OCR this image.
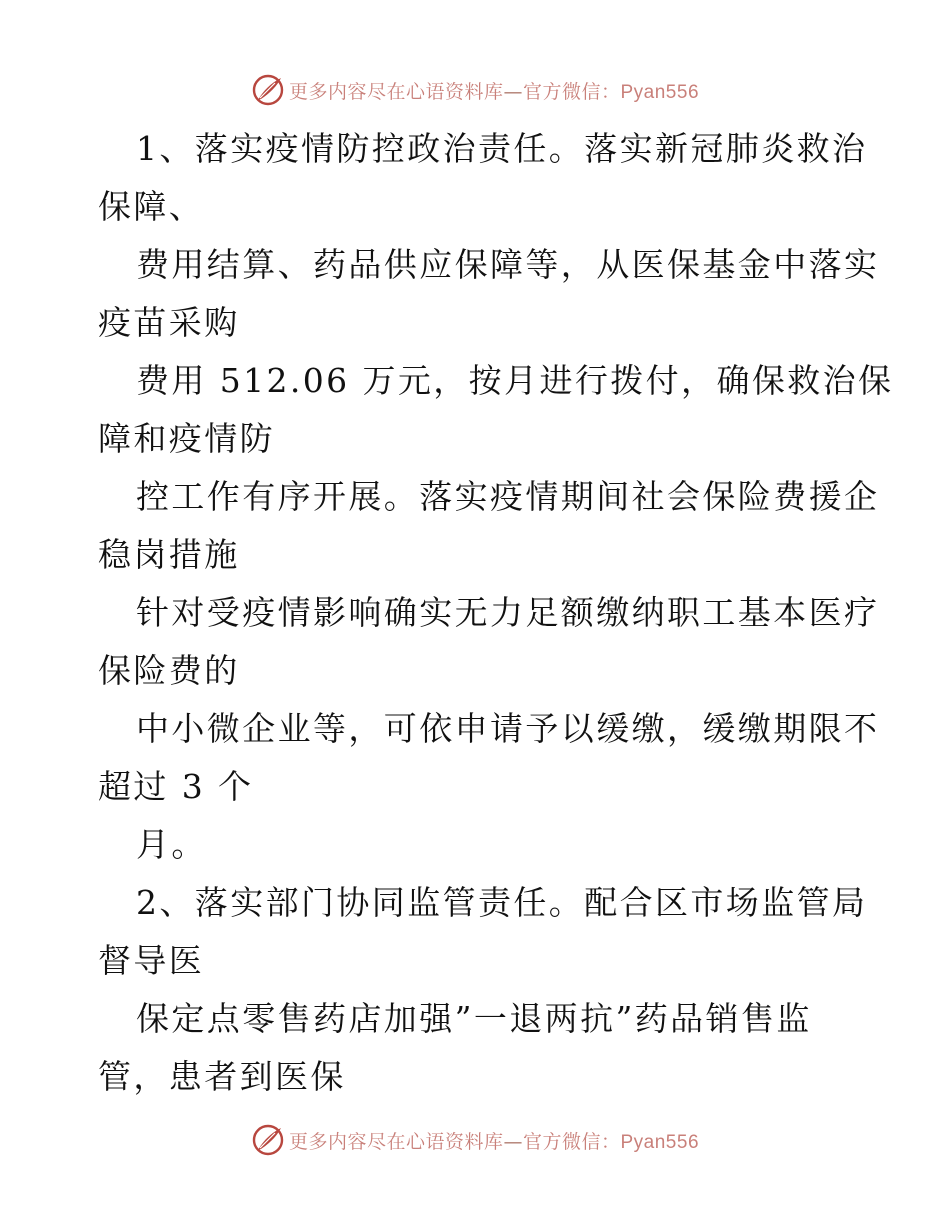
更多内容尽在心语资料库—官方微信：Pyan556
1、落实疫情防控政治责任。落实新冠肺炎救治
保障、
费用结算、药品供应保障等，从医保基金中落实
疫苗采购
费用 512.06 万元，按月进行拨付，确保救治保
障和疫情防
控工作有序开展。落实疫情期间社会保险费援企
稳岗措施
针对受疫情影响确实无力足额缴纳职工基本医疗
保险费的
中小微企业等，可依申请予以缓缴，缓缴期限不
超过 3 个
月。
2、落实部门协同监管责任。配合区市场监管局
督导医
保定点零售药店加强”一退两抗”药品销售监
管，患者到医保
更多内容尽在心语资料库—官方微信：Pyan556
